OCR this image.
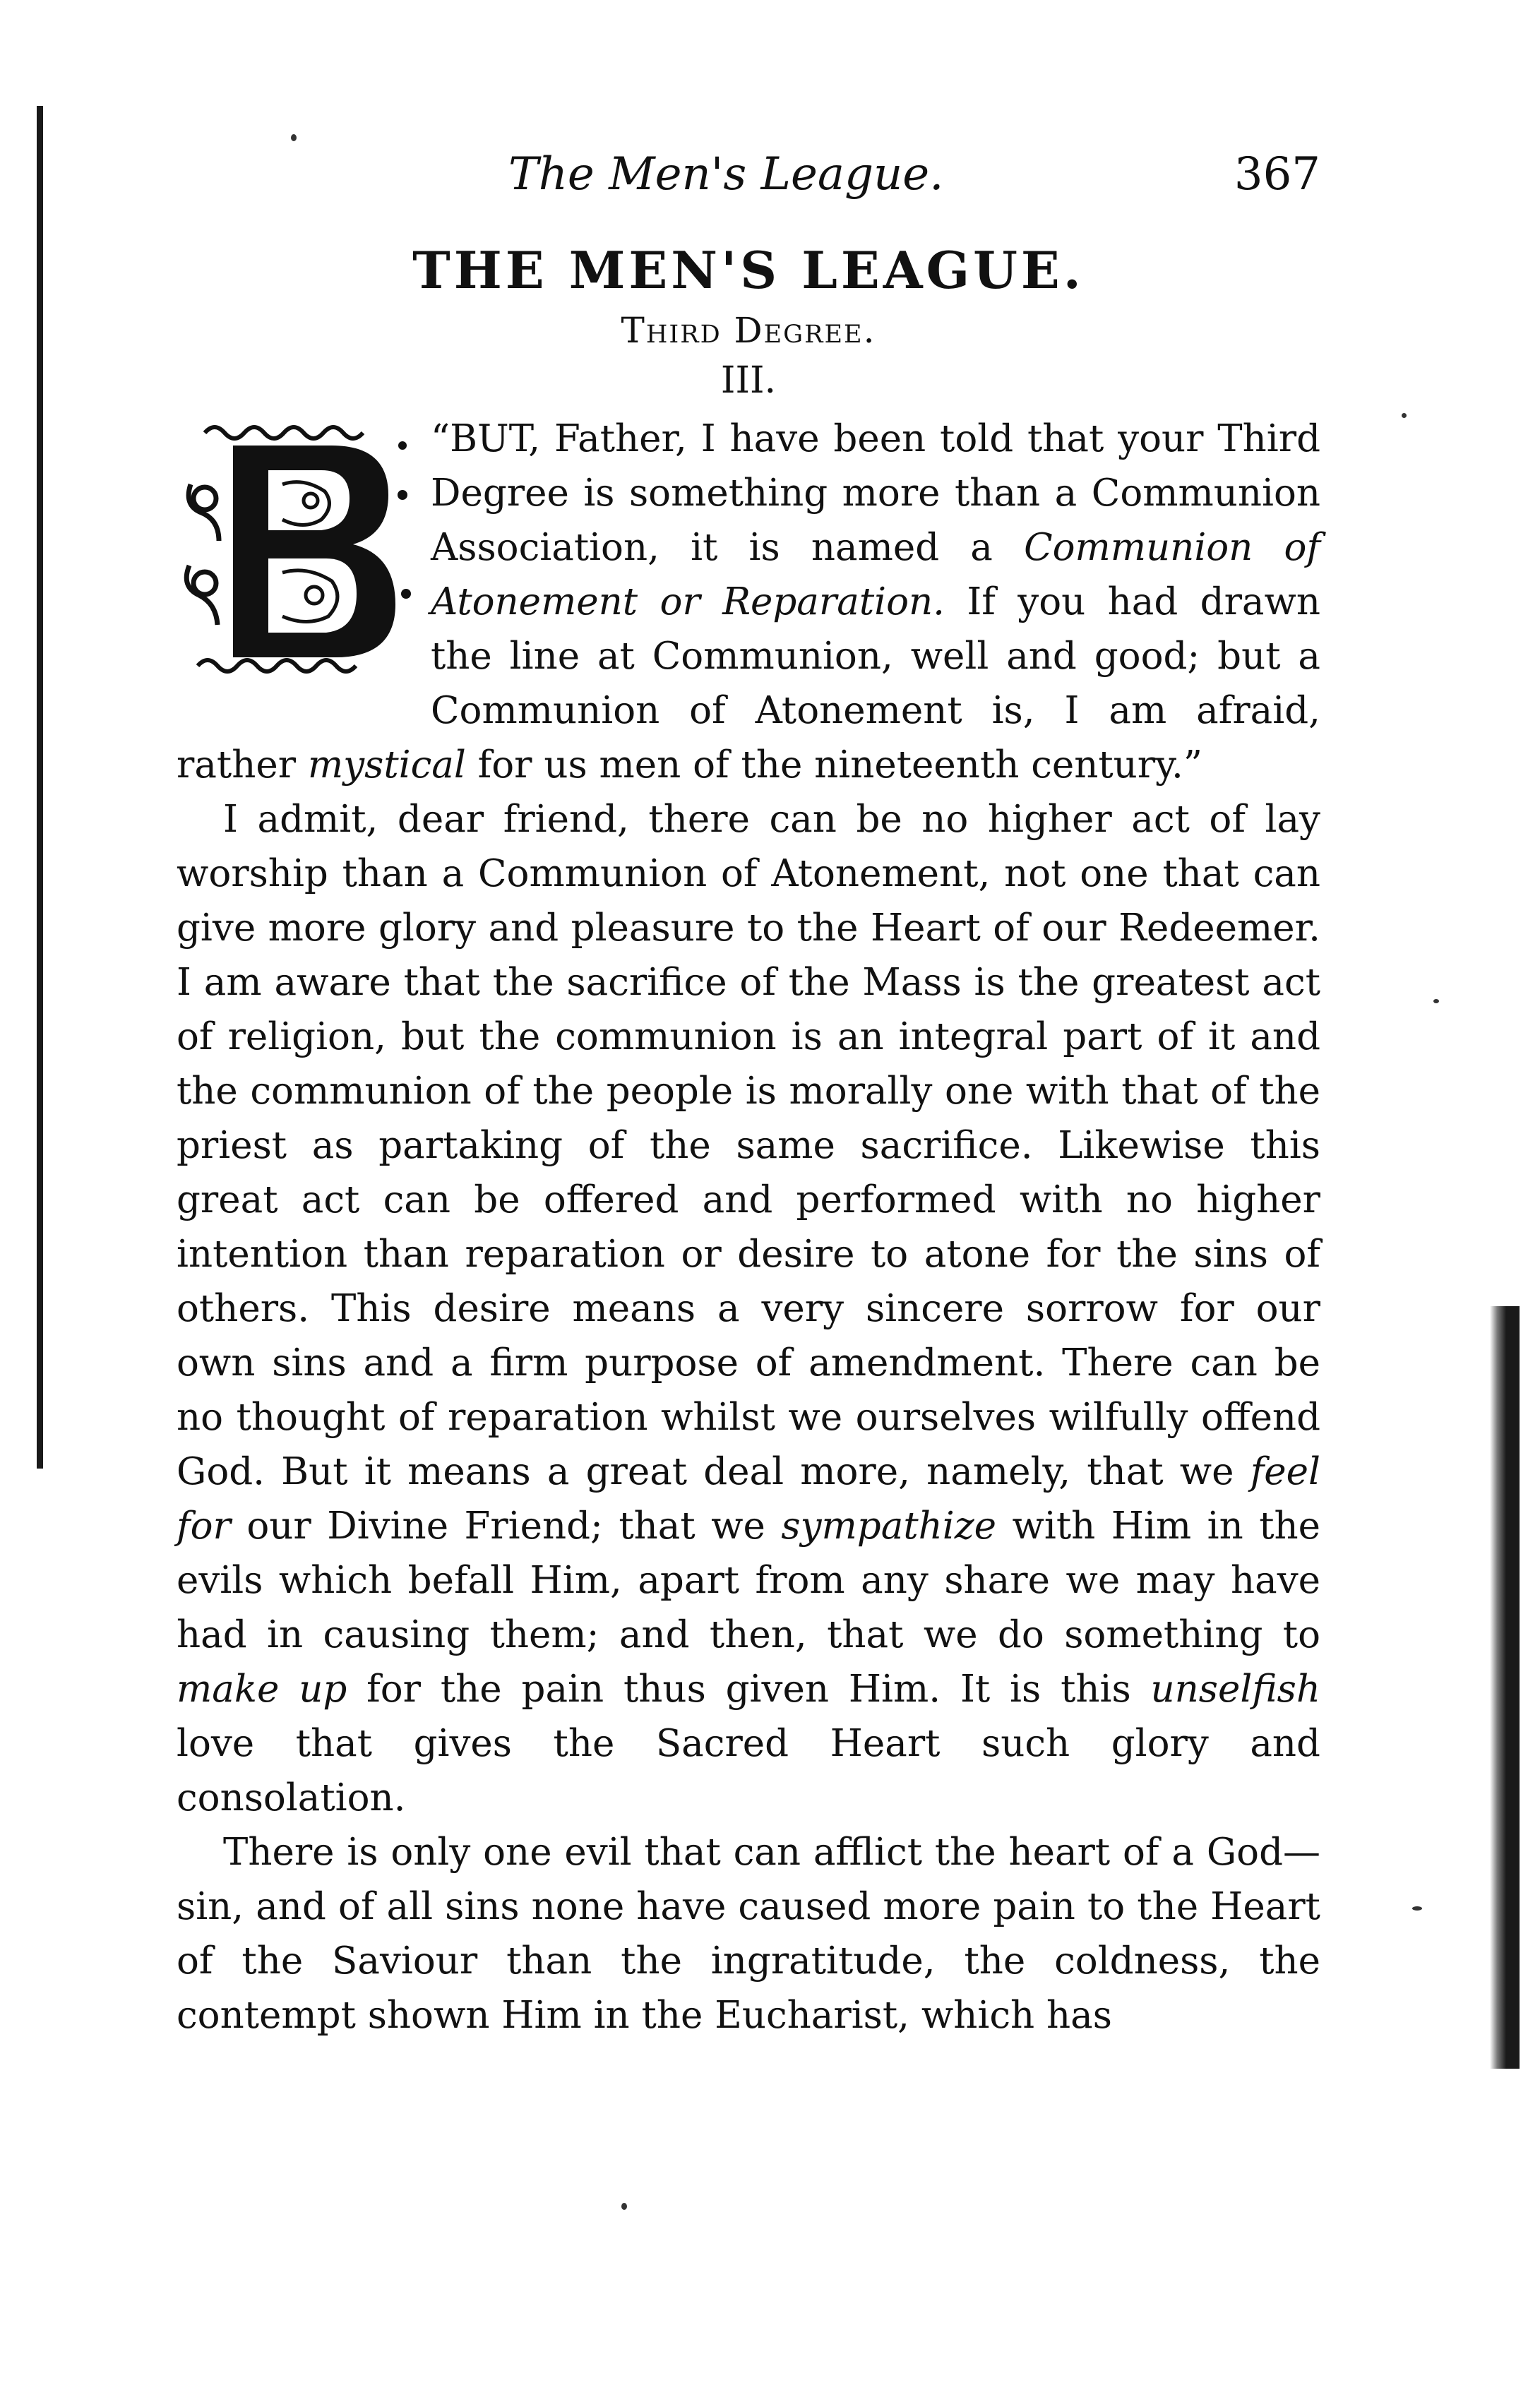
The Men's League.	367
THE MEN'S LEAGUE.
Third Degree.
III.

“BUT, Father, I have been told that your Third Degree is something more than a Communion Association, it is named a Communion of Atonement or Reparation. If you had drawn the line at Communion, well and good; but a Communion of Atonement is, I am afraid, rather mystical for us men of the nineteenth century.”

I admit, dear friend, there can be no higher act of lay worship than a Communion of Atonement, not one that can give more glory and pleasure to the Heart of our Redeemer. I am aware that the sacrifice of the Mass is the greatest act of religion, but the communion is an integral part of it and the communion of the people is morally one with that of the priest as partaking of the same sacrifice. Likewise this great act can be offered and performed with no higher intention than reparation or desire to atone for the sins of others. This desire means a very sincere sorrow for our own sins and a firm purpose of amendment. There can be no thought of reparation whilst we ourselves wilfully offend God. But it means a great deal more, namely, that we feel for our Divine Friend; that we sympathize with Him in the evils which befall Him, apart from any share we may have had in causing them; and then, that we do something to make up for the pain thus given Him. It is this unselfish love that gives the Sacred Heart such glory and consolation.

There is only one evil that can afflict the heart of a God—sin, and of all sins none have caused more pain to the Heart of the Saviour than the ingratitude, the coldness, the contempt shown Him in the Eucharist, which has
